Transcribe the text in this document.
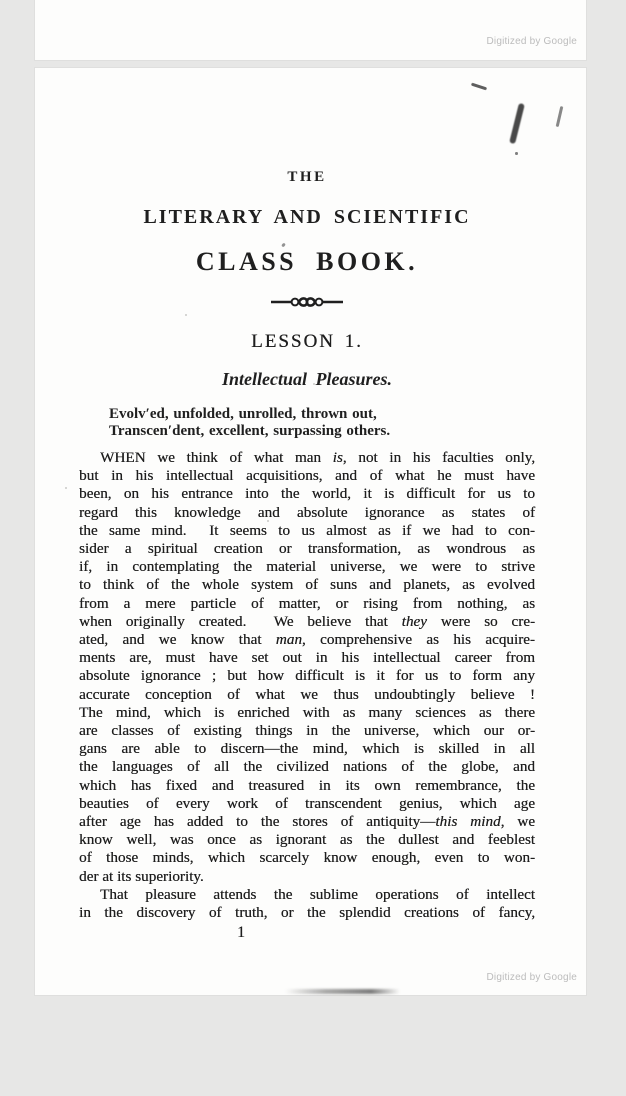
Digitized by Google
THE
LITERARY AND SCIENTIFIC
CLASS BOOK.
LESSON 1.
Intellectual Pleasures.
Evolv′ed, unfolded, unrolled, thrown out,
Transcen′dent, excellent, surpassing others.
WHEN we think of what man is, not in his faculties only,
but in his intellectual acquisitions, and of what he must have
been, on his entrance into the world, it is difficult for us to
regard this knowledge and absolute ignorance as states of
the same mind.  It seems to us almost as if we had to con-
sider a spiritual creation or transformation, as wondrous as
if, in contemplating the material universe, we were to strive
to think of the whole system of suns and planets, as evolved
from a mere particle of matter, or rising from nothing, as
when originally created.  We believe that they were so cre-
ated, and we know that man, comprehensive as his acquire-
ments are, must have set out in his intellectual career from
absolute ignorance ; but how difficult is it for us to form any
accurate conception of what we thus undoubtingly believe !
The mind, which is enriched with as many sciences as there
are classes of existing things in the universe, which our or-
gans are able to discern—the mind, which is skilled in all
the languages of all the civilized nations of the globe, and
which has fixed and treasured in its own remembrance, the
beauties of every work of transcendent genius, which age
after age has added to the stores of antiquity—this mind, we
know well, was once as ignorant as the dullest and feeblest
of those minds, which scarcely know enough, even to won-
der at its superiority.
That pleasure attends the sublime operations of intellect
in the discovery of truth, or the splendid creations of fancy,
1
Digitized by Google
